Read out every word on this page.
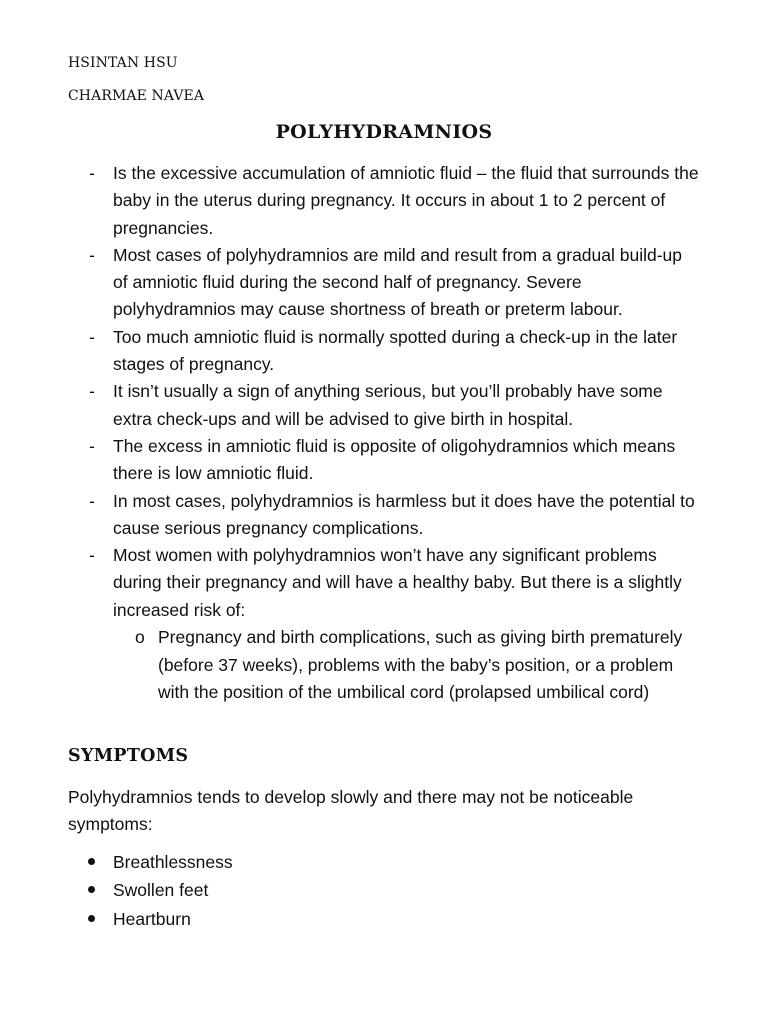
HSINTAN HSU
CHARMAE NAVEA
POLYHYDRAMNIOS
- Is the excessive accumulation of amniotic fluid – the fluid that surrounds the baby in the uterus during pregnancy. It occurs in about 1 to 2 percent of pregnancies.
- Most cases of polyhydramnios are mild and result from a gradual build-up of amniotic fluid during the second half of pregnancy. Severe polyhydramnios may cause shortness of breath or preterm labour.
- Too much amniotic fluid is normally spotted during a check-up in the later stages of pregnancy.
- It isn’t usually a sign of anything serious, but you’ll probably have some extra check-ups and will be advised to give birth in hospital.
- The excess in amniotic fluid is opposite of oligohydramnios which means there is low amniotic fluid.
- In most cases, polyhydramnios is harmless but it does have the potential to cause serious pregnancy complications.
- Most women with polyhydramnios won’t have any significant problems during their pregnancy and will have a healthy baby. But there is a slightly increased risk of:
o Pregnancy and birth complications, such as giving birth prematurely (before 37 weeks), problems with the baby’s position, or a problem with the position of the umbilical cord (prolapsed umbilical cord)
SYMPTOMS

Polyhydramnios tends to develop slowly and there may not be noticeable symptoms:

Breathlessness
Swollen feet
Heartburn
